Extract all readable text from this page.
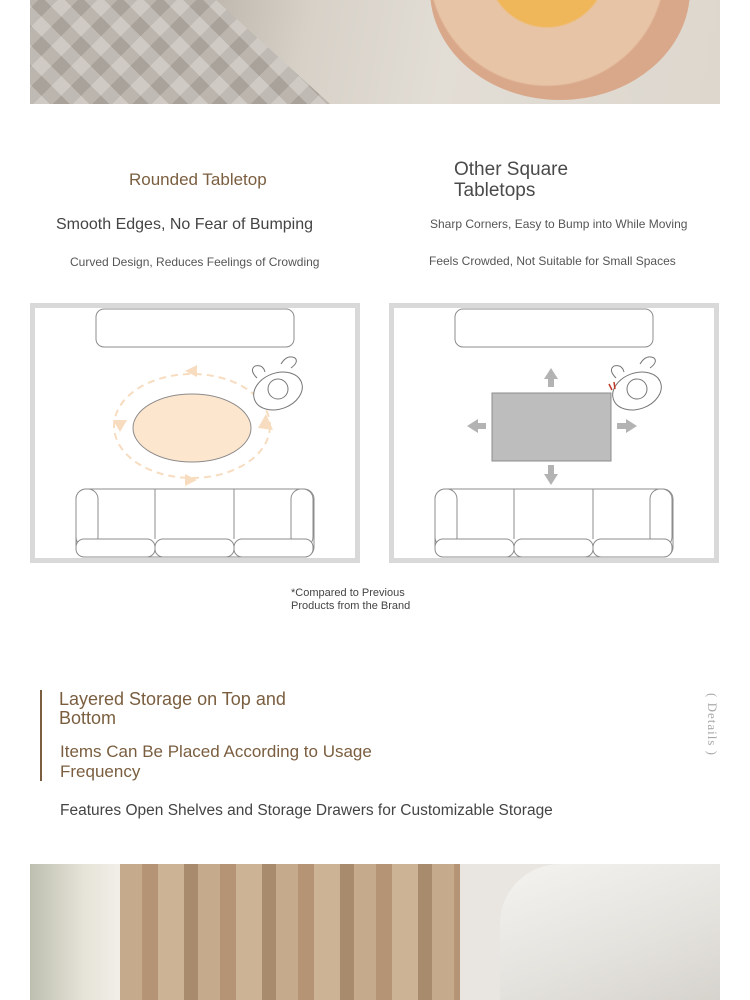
Rounded Tabletop	Other Square Tabletops
Smooth Edges, No Fear of Bumping
Curved Design, Reduces Feelings of Crowding
Sharp Corners, Easy to Bump into While Moving
Feels Crowded, Not Suitable for Small Spaces
*Compared to Previous Products from the Brand
Layered Storage on Top and Bottom
Items Can Be Placed According to Usage Frequency
Features Open Shelves and Storage Drawers for Customizable Storage
( Details )
